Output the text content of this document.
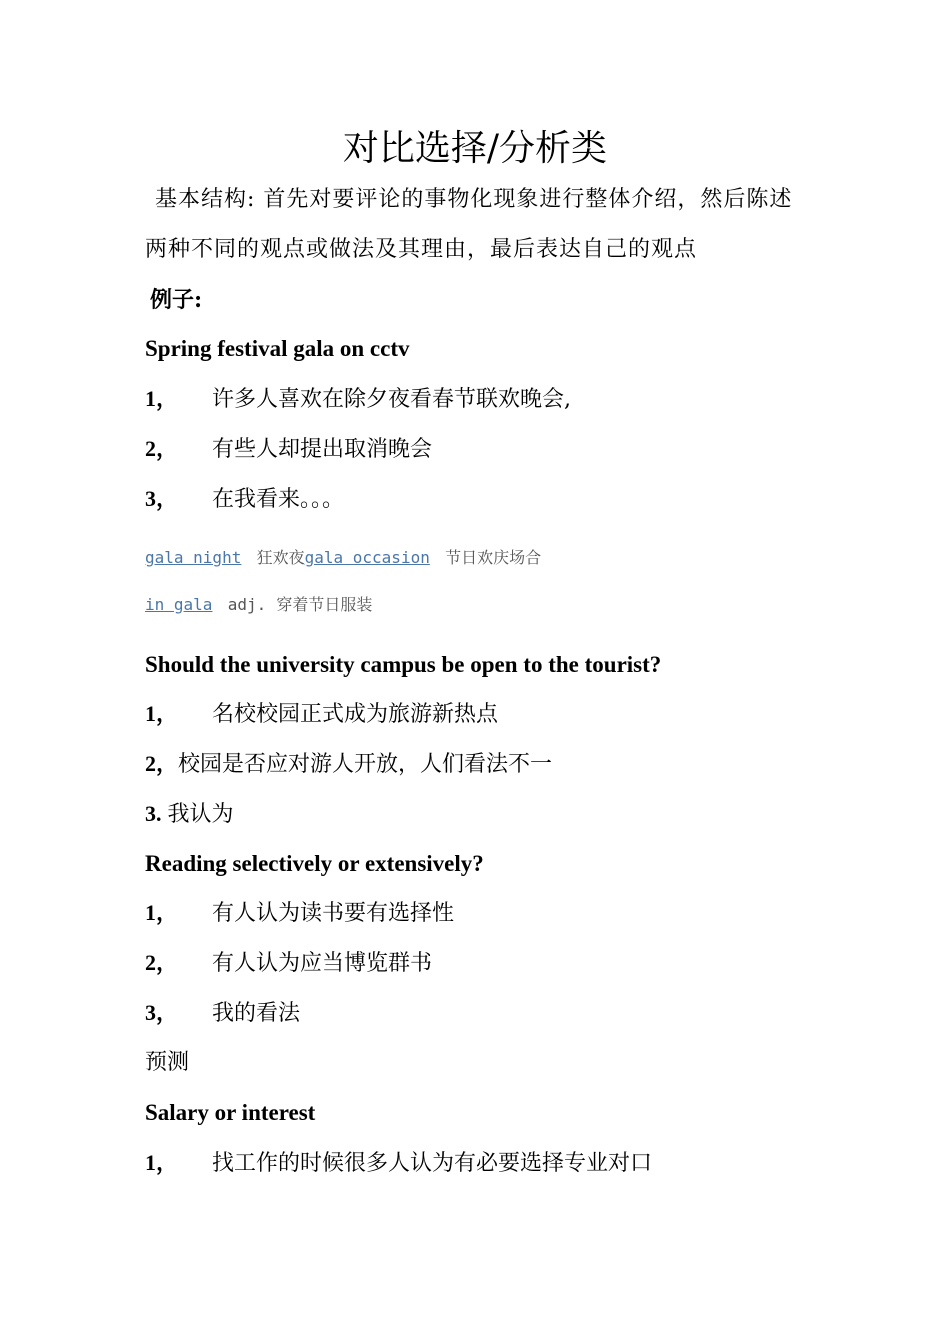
对比选择/分析类
基本结构: 首先对要评论的事物化现象进行整体介绍，然后陈述两种不同的观点或做法及其理由，最后表达自己的观点
例子:
Spring festival gala on cctv
1， 许多人喜欢在除夕夜看春节联欢晚会,
2， 有些人却提出取消晚会
3， 在我看来。。。
gala night 狂欢夜gala occasion 节日欢庆场合
in gala adj. 穿着节日服装
Should the university campus be open to the tourist?
1， 名校校园正式成为旅游新热点
2，校园是否应对游人开放，人们看法不一
3. 我认为
Reading selectively or extensively?
1， 有人认为读书要有选择性
2， 有人认为应当博览群书
3， 我的看法
预测
Salary or interest
1， 找工作的时候很多人认为有必要选择专业对口
